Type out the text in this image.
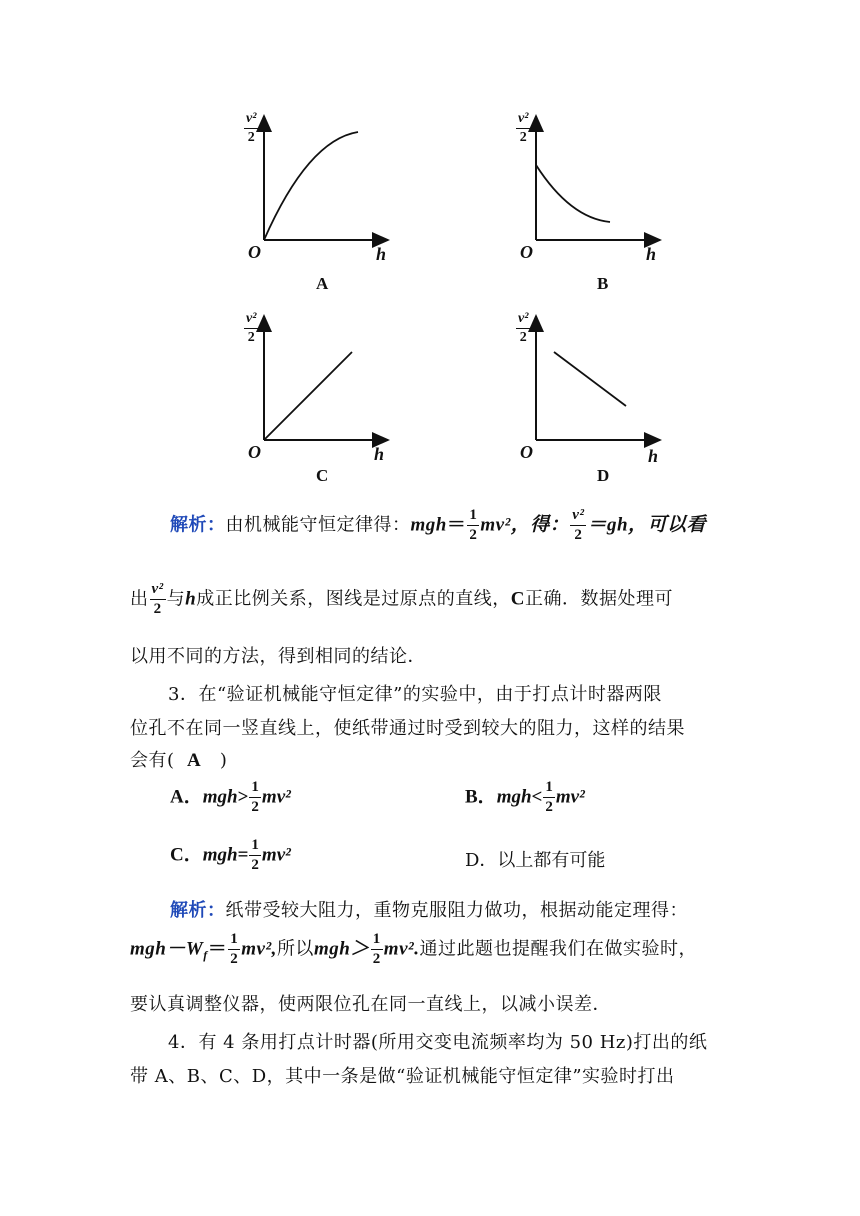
$\frac{\text{v²}}{2}$
O	h
A
$\frac{\text{v²}}{2}$
O	h
B
$\frac{\text{v²}}{2}$
O	h
C
$\frac{\text{v²}}{2}$
O	h
D
解析：由机械能守恒定律得：$mgh= \frac{1}{2} mv^2$，得： $\frac{\text{v²}}{2} =gh$，可以看
出 $\frac{\text{v²}}{2}$ 与h成正比例关系，图线是过原点的直线，C正确．数据处理可
以用不同的方法，得到相同的结论．
3．在“验证机械能守恒定律”的实验中，由于打点计时器两限
位孔不在同一竖直线上，使纸带通过时受到较大的阻力，这样的结果
会有( A )
A．$mgh> \frac{1}{2} mv^2$	B．$mgh< \frac{1}{2} mv^2$
C．$mgh= \frac{1}{2} mv^2$	D．以上都有可能
解析：纸带受较大阻力，重物克服阻力做功，根据动能定理得：
$mgh-W_f= \frac{1}{2} mv^2$,所以$mgh> \frac{1}{2} mv^2$.通过此题也提醒我们在做实验时，
要认真调整仪器，使两限位孔在同一直线上，以减小误差．
4．有 4 条用打点计时器(所用交变电流频率均为 50 Hz)打出的纸
带 A、B、C、D，其中一条是做“验证机械能守恒定律”实验时打出
